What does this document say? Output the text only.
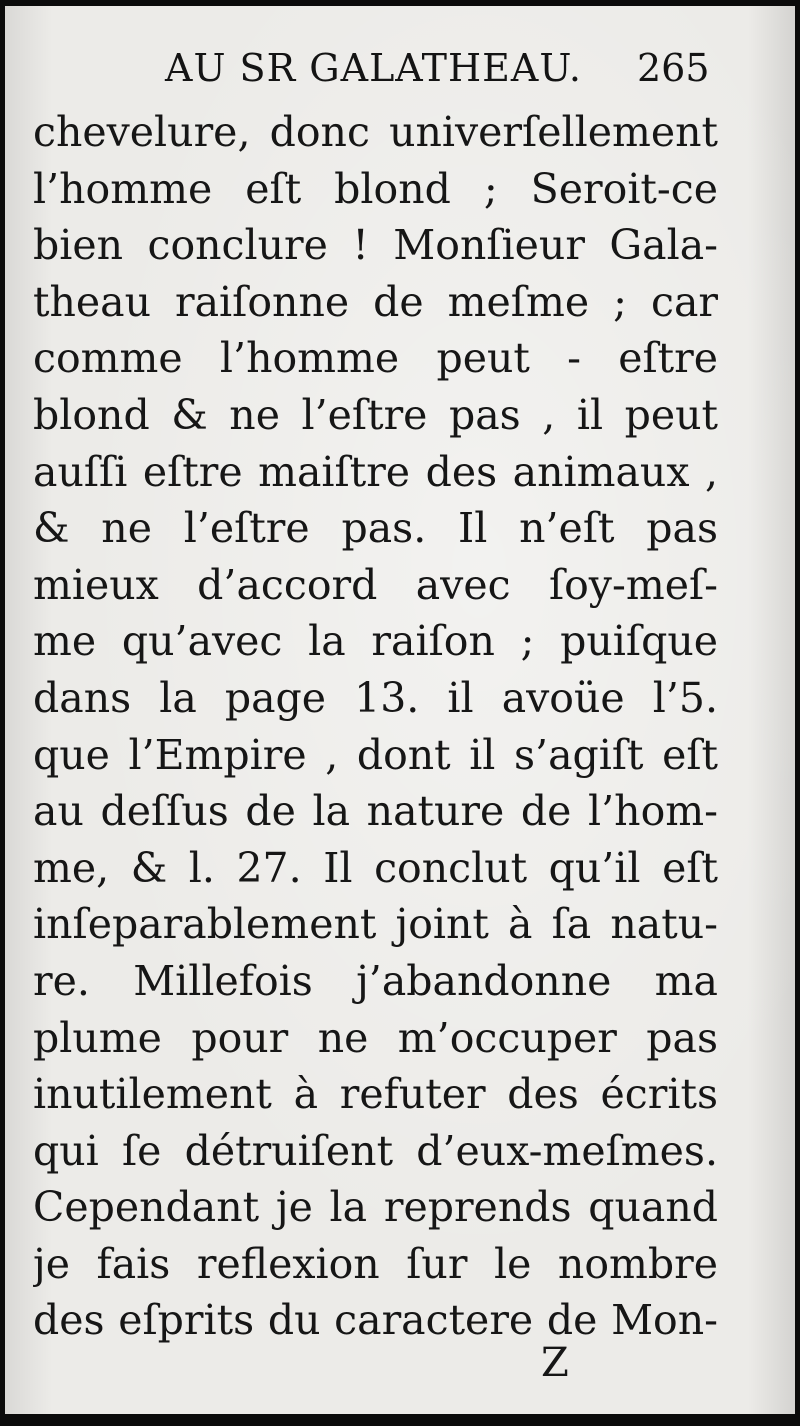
AU SR GALATHEAU. 265
chevelure, donc univerſellement
l’homme eſt blond ; Seroit-ce
bien conclure ! Monſieur Gala-
theau raiſonne de meſme ; car
comme l’homme peut - eſtre
blond & ne l’eſtre pas , il peut
auſſi eſtre maiſtre des animaux ,
& ne l’eſtre pas. Il n’eſt pas
mieux d’accord avec ſoy-meſ-
me qu’avec la raiſon ; puiſque
dans la page 13. il avoüe l’5.
que l’Empire , dont il s’agiſt eſt
au deſſus de la nature de l’hom-
me, & l. 27. Il conclut qu’il eſt
inſeparablement joint à ſa natu-
re. Millefois j’abandonne ma
plume pour ne m’occuper pas
inutilement à refuter des écrits
qui ſe détruiſent d’eux-meſmes.
Cependant je la reprends quand
je fais reflexion ſur le nombre
des eſprits du caractere de Mon-
Z
